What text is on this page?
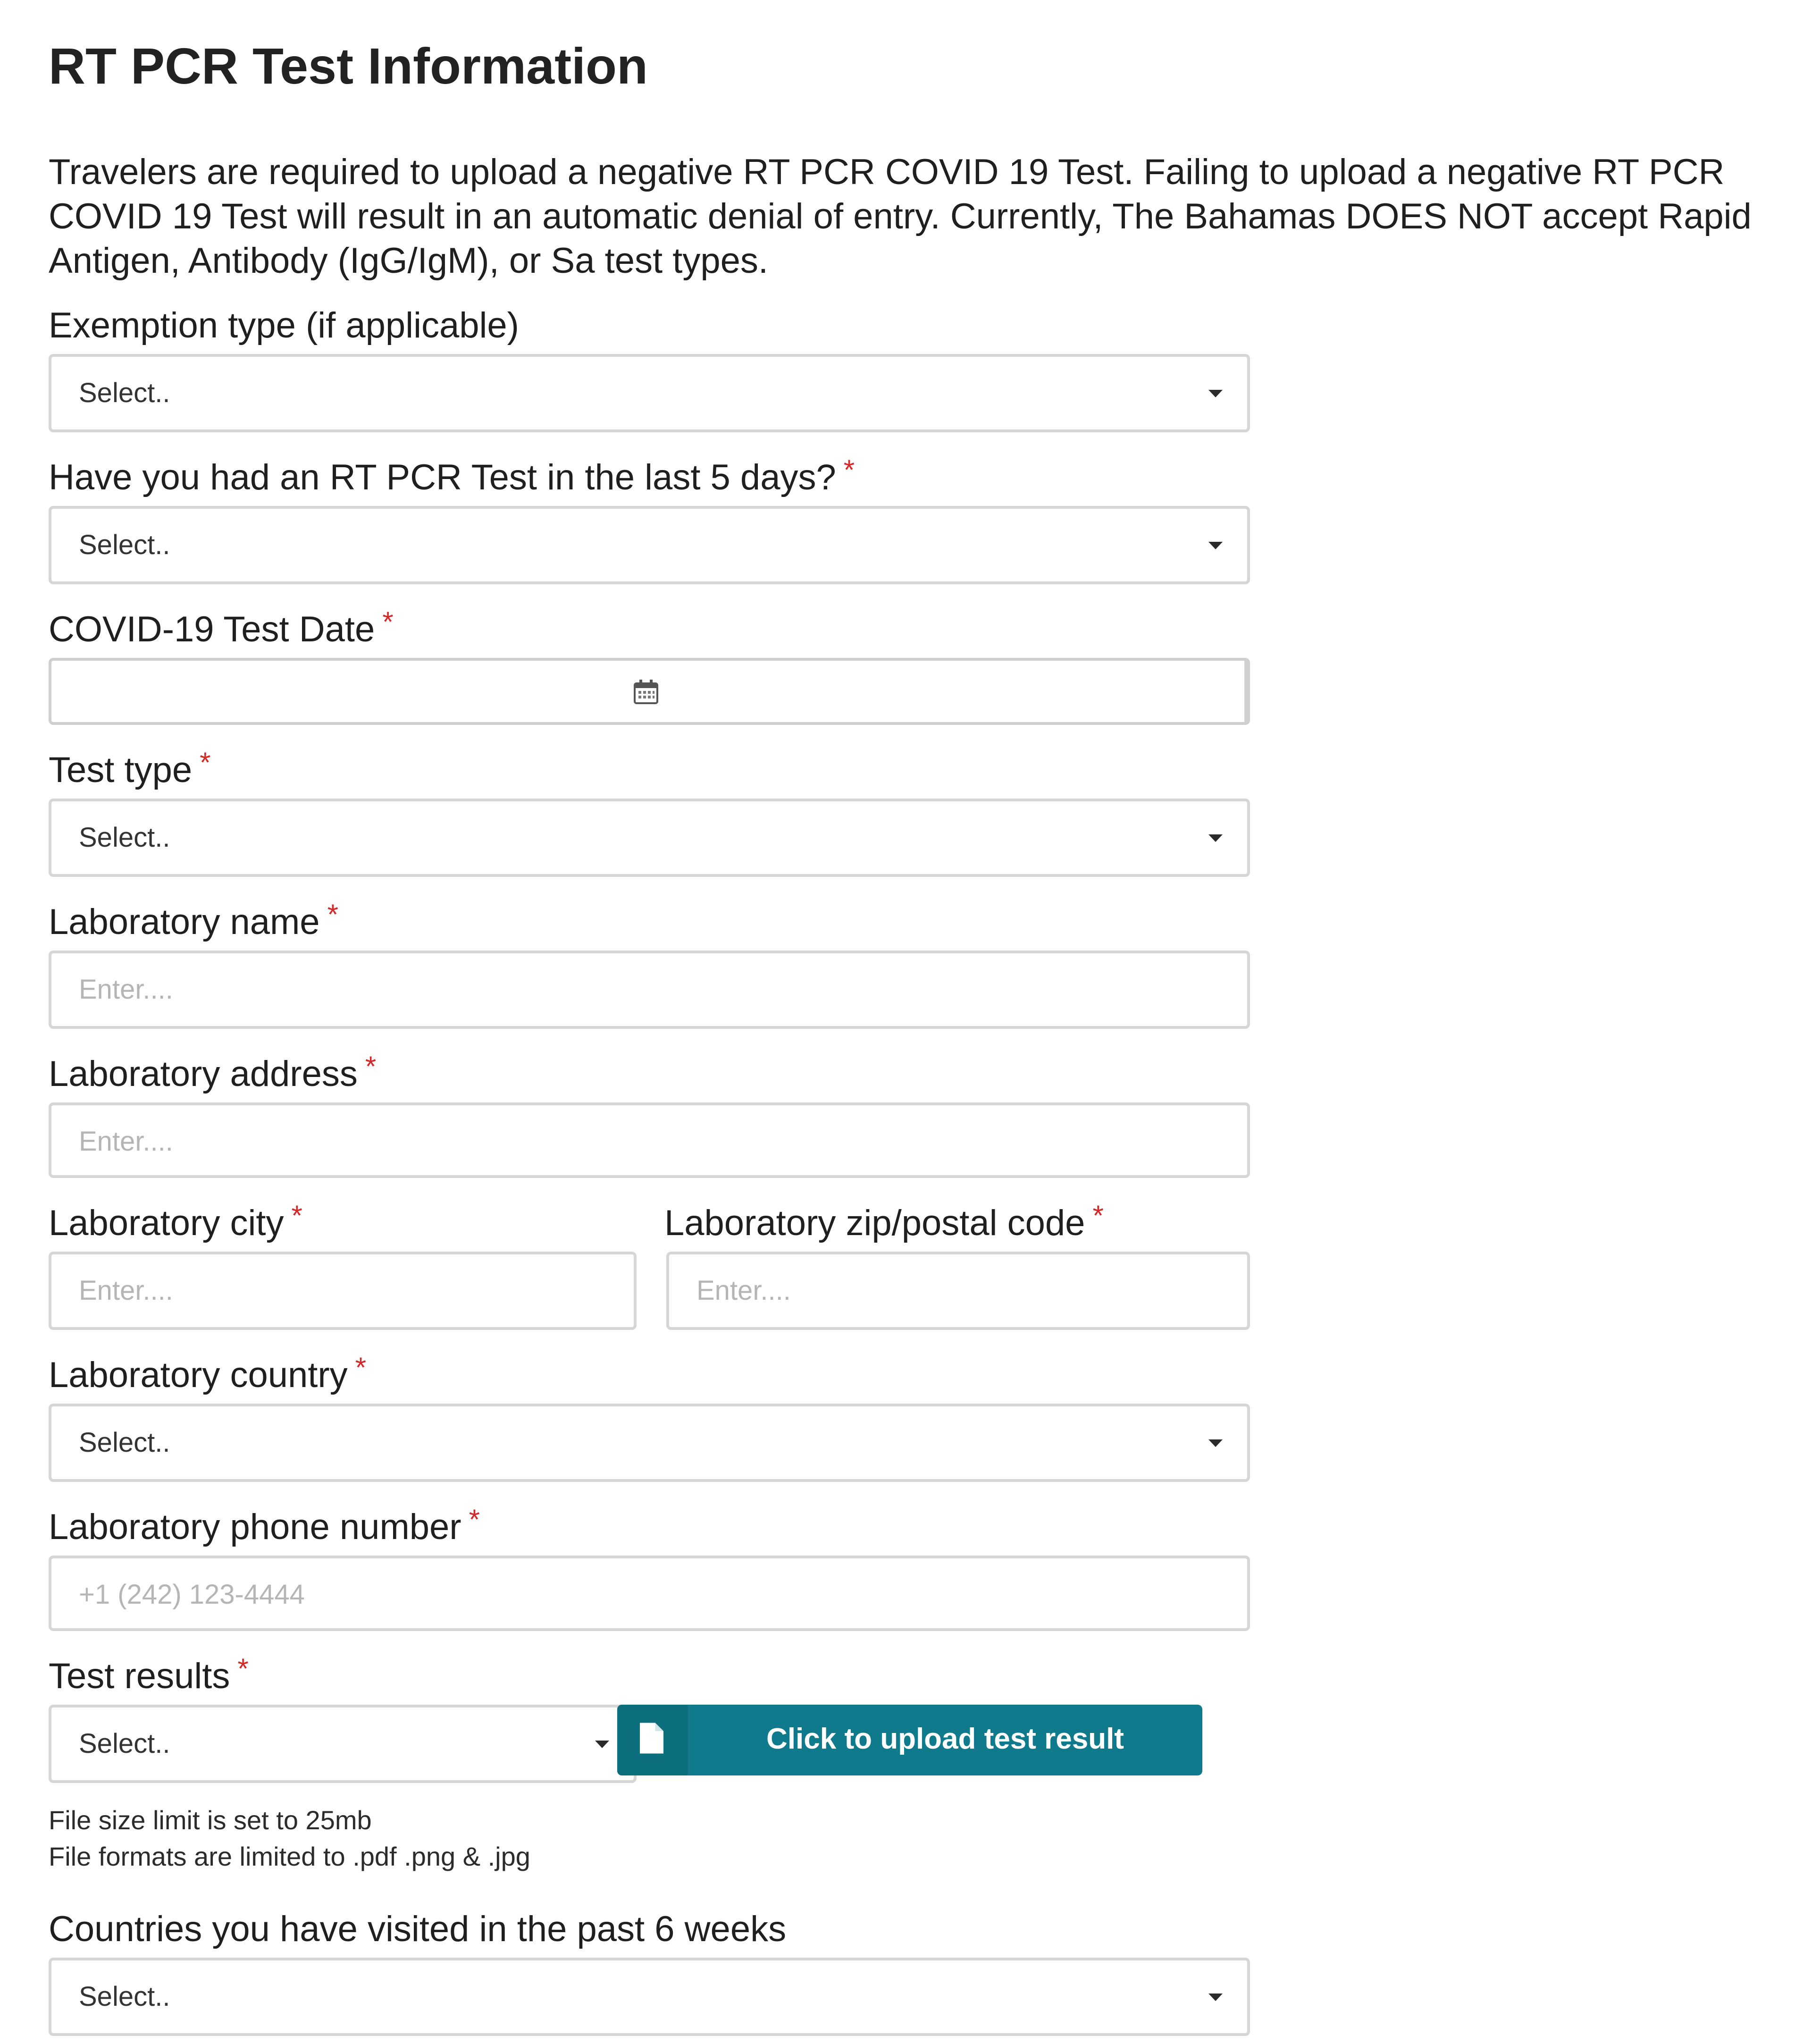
RT PCR Test Information
Travelers are required to upload a negative RT PCR COVID 19 Test. Failing to upload a negative RT PCR COVID 19 Test will result in an automatic denial of entry. Currently, The Bahamas DOES NOT accept Rapid Antigen, Antibody (IgG/IgM), or Sa test types.
Exemption type (if applicable)
Select..
Have you had an RT PCR Test in the last 5 days? *
Select..
COVID-19 Test Date *
Test type *
Select..
Laboratory name *
Enter....
Laboratory address *
Enter....
Laboratory city *
Enter....
Laboratory zip/postal code *
Enter....
Laboratory country *
Select..
Laboratory phone number *
+1 (242) 123-4444
Test results *
Select..	Click to upload test result
File size limit is set to 25mb
File formats are limited to .pdf .png & .jpg
Countries you have visited in the past 6 weeks
Select..
